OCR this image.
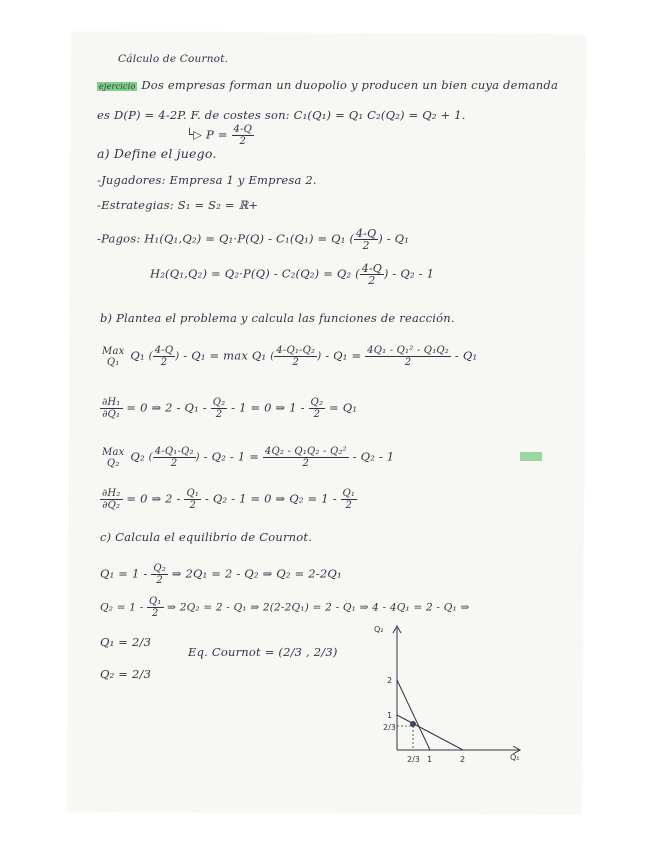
Cálculo de Cournot.
ejercicio Dos empresas forman un duopolio y producen un bien cuya demanda
es D(P) = 4-2P. F. de costes son: C₁(Q₁) = Q₁ C₂(Q₂) = Q₂ + 1.
└▷ $P = \frac{4-Q}{2}$
a) Define el juego.
-Jugadores: Empresa 1 y Empresa 2.
-Estrategias: S₁ = S₂ = ℝ+
-Pagos: H₁(Q₁,Q₂) = Q₁·P(Q) - C₁(Q₁) = Q₁ ( $\frac{4-Q}{2}$ ) - Q₁
H₂(Q₁,Q₂) = Q₂·P(Q) - C₂(Q₂) = Q₂ ( $\frac{4-Q}{2}$ ) - Q₂ - 1
b) Plantea el problema y calcula las funciones de reacción.
Max
Q₁ Q₁ ( $\frac{4-Q}{2}$ ) - Q₁ = max Q₁ ( $\frac{\text{4-Q₁-Q₂}}{2}$ ) - $Q_1 = \frac{\text{4Q₁ - Q₁² - Q₁Q₂}}{2} - Q_1$
$\frac{\text{∂H₁}}{\text{∂Q₁}} = 0$ ⇒ $2 - Q_1 - \frac{\text{Q₂}}{2} - 1 = 0$ ⇒ $1 - \frac{\text{Q₂}}{2} = Q_1$
Max
Q₂ Q₂ ( $\frac{\text{4-Q₁-Q₂}}{2}$ ) - $Q_2 - 1 = \frac{\text{4Q₂ - Q₁Q₂ - Q₂²}}{2} - Q_2 - 1$
$\frac{\text{∂H₂}}{\text{∂Q₂}} = 0$ ⇒ $2 - \frac{\text{Q₁}}{2} - Q_2 - 1 = 0$ ⇒ $Q_2 = 1 - \frac{\text{Q₁}}{2}$
c) Calcula el equilibrio de Cournot.
$Q_1 = 1 - \frac{\text{Q₂}}{2}$ ⇒ 2Q₁ = 2 - Q₂ ⇒ Q₂ = 2-2Q₁
$Q_2 = 1 - \frac{\text{Q₁}}{2}$ ⇒ 2Q₂ = 2 - Q₁ ⇒ 2(2-2Q₁) = 2 - Q₁ ⇒ 4 - 4Q₁ = 2 - Q₁ ⇒
Q₁ = 2/3
Q₂ = 2/3
Eq. Cournot = (2/3 , 2/3)
Q₂
Q₁
2
1
2/3
2/3 1	2
